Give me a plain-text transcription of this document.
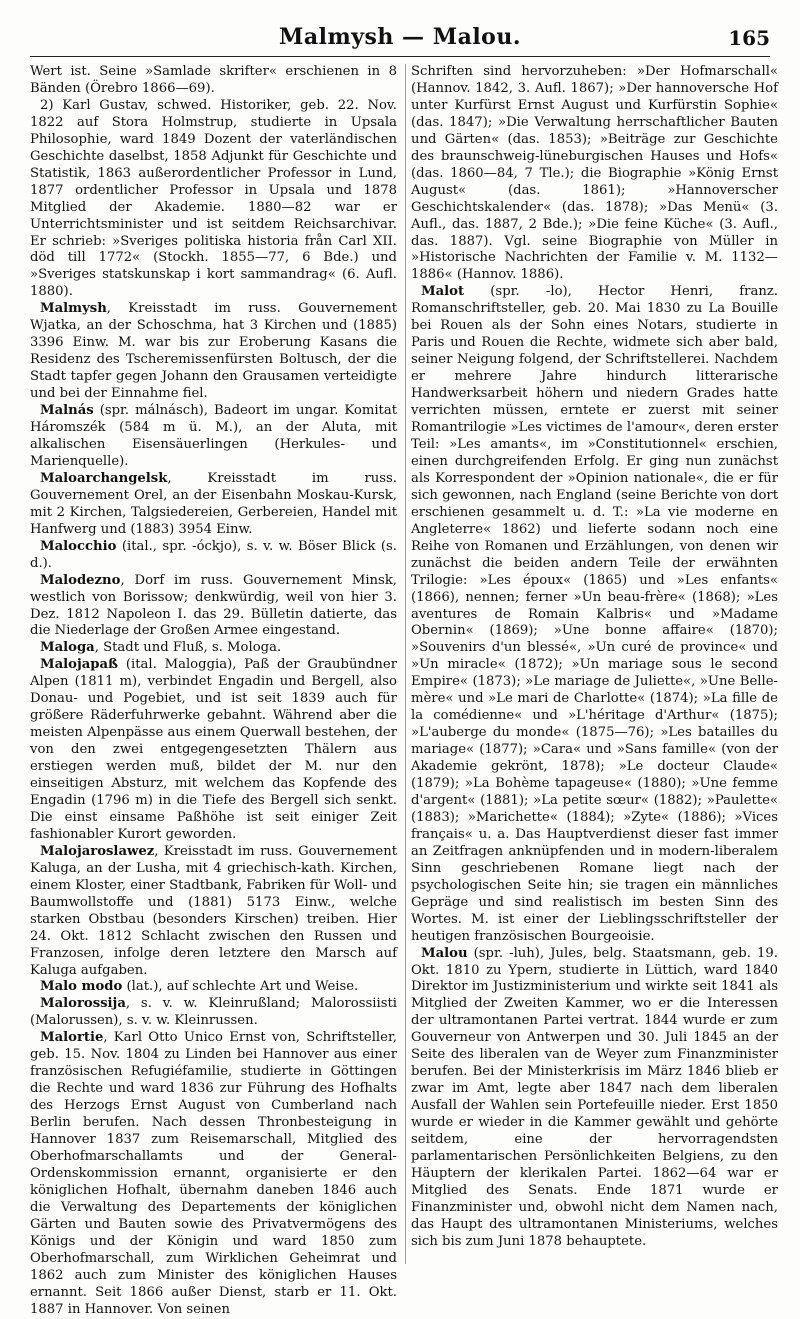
Malmysh — Malou.	165

Wert ist. Seine »Samlade skrifter« erschienen in 8 Bänden (Örebro 1866—69).

2) Karl Gustav, schwed. Historiker, geb. 22. Nov. 1822 auf Stora Holmstrup, studierte in Upsala Philosophie, ward 1849 Dozent der vaterländischen Geschichte daselbst, 1858 Adjunkt für Geschichte und Statistik, 1863 außerordentlicher Professor in Lund, 1877 ordentlicher Professor in Upsala und 1878 Mitglied der Akademie. 1880—82 war er Unterrichtsminister und ist seitdem Reichsarchivar. Er schrieb: »Sveriges politiska historia från Carl XII. död till 1772« (Stockh. 1855—77, 6 Bde.) und »Sveriges statskunskap i kort sammandrag« (6. Aufl. 1880).

Malmysh, Kreisstadt im russ. Gouvernement Wjatka, an der Schoschma, hat 3 Kirchen und (1885) 3396 Einw. M. war bis zur Eroberung Kasans die Residenz des Tscheremissenfürsten Boltusch, der die Stadt tapfer gegen Johann den Grausamen verteidigte und bei der Einnahme fiel.

Malnás (spr. málnásch), Badeort im ungar. Komitat Háromszék (584 m ü. M.), an der Aluta, mit alkalischen Eisensäuerlingen (Herkules- und Marienquelle).

Maloarchangelsk, Kreisstadt im russ. Gouvernement Orel, an der Eisenbahn Moskau-Kursk, mit 2 Kirchen, Talgsiedereien, Gerbereien, Handel mit Hanfwerg und (1883) 3954 Einw.

Malocchio (ital., spr. -óckjo), s. v. w. Böser Blick (s. d.).

Malodezno, Dorf im russ. Gouvernement Minsk, westlich von Borissow; denkwürdig, weil von hier 3. Dez. 1812 Napoleon I. das 29. Bülletin datierte, das die Niederlage der Großen Armee eingestand.

Maloga, Stadt und Fluß, s. Mologa.

Malojapaß (ital. Maloggia), Paß der Graubündner Alpen (1811 m), verbindet Engadin und Bergell, also Donau- und Pogebiet, und ist seit 1839 auch für größere Räderfuhrwerke gebahnt. Während aber die meisten Alpenpässe aus einem Querwall bestehen, der von den zwei entgegengesetzten Thälern aus erstiegen werden muß, bildet der M. nur den einseitigen Absturz, mit welchem das Kopfende des Engadin (1796 m) in die Tiefe des Bergell sich senkt. Die einst einsame Paßhöhe ist seit einiger Zeit fashionabler Kurort geworden.

Malojaroslawez, Kreisstadt im russ. Gouvernement Kaluga, an der Lusha, mit 4 griechisch-kath. Kirchen, einem Kloster, einer Stadtbank, Fabriken für Woll- und Baumwollstoffe und (1881) 5173 Einw., welche starken Obstbau (besonders Kirschen) treiben. Hier 24. Okt. 1812 Schlacht zwischen den Russen und Franzosen, infolge deren letztere den Marsch auf Kaluga aufgaben.

Malo modo (lat.), auf schlechte Art und Weise.

Malorossija, s. v. w. Kleinrußland; Malorossiisti (Malorussen), s. v. w. Kleinrussen.

Malortie, Karl Otto Unico Ernst von, Schriftsteller, geb. 15. Nov. 1804 zu Linden bei Hannover aus einer französischen Refugiéfamilie, studierte in Göttingen die Rechte und ward 1836 zur Führung des Hofhalts des Herzogs Ernst August von Cumberland nach Berlin berufen. Nach dessen Thronbesteigung in Hannover 1837 zum Reisemarschall, Mitglied des Oberhofmarschallamts und der General-Ordenskommission ernannt, organisierte er den königlichen Hofhalt, übernahm daneben 1846 auch die Verwaltung des Departements der königlichen Gärten und Bauten sowie des Privatvermögens des Königs und der Königin und ward 1850 zum Oberhofmarschall, zum Wirklichen Geheimrat und 1862 auch zum Minister des königlichen Hauses ernannt. Seit 1866 außer Dienst, starb er 11. Okt. 1887 in Hannover. Von seinen

Schriften sind hervorzuheben: »Der Hofmarschall« (Hannov. 1842, 3. Aufl. 1867); »Der hannoversche Hof unter Kurfürst Ernst August und Kurfürstin Sophie« (das. 1847); »Die Verwaltung herrschaftlicher Bauten und Gärten« (das. 1853); »Beiträge zur Geschichte des braunschweig-lüneburgischen Hauses und Hofs« (das. 1860—84, 7 Tle.); die Biographie »König Ernst August« (das. 1861); »Hannoverscher Geschichtskalender« (das. 1878); »Das Menü« (3. Aufl., das. 1887, 2 Bde.); »Die feine Küche« (3. Aufl., das. 1887). Vgl. seine Biographie von Müller in »Historische Nachrichten der Familie v. M. 1132—1886« (Hannov. 1886).

Malot (spr. -lo), Hector Henri, franz. Romanschriftsteller, geb. 20. Mai 1830 zu La Bouille bei Rouen als der Sohn eines Notars, studierte in Paris und Rouen die Rechte, widmete sich aber bald, seiner Neigung folgend, der Schriftstellerei. Nachdem er mehrere Jahre hindurch litterarische Handwerksarbeit höhern und niedern Grades hatte verrichten müssen, erntete er zuerst mit seiner Romantrilogie »Les victimes de l'amour«, deren erster Teil: »Les amants«, im »Constitutionnel« erschien, einen durchgreifenden Erfolg. Er ging nun zunächst als Korrespondent der »Opinion nationale«, die er für sich gewonnen, nach England (seine Berichte von dort erschienen gesammelt u. d. T.: »La vie moderne en Angleterre« 1862) und lieferte sodann noch eine Reihe von Romanen und Erzählungen, von denen wir zunächst die beiden andern Teile der erwähnten Trilogie: »Les époux« (1865) und »Les enfants« (1866), nennen; ferner »Un beau-frère« (1868); »Les aventures de Romain Kalbris« und »Madame Obernin« (1869); »Une bonne affaire« (1870); »Souvenirs d'un blessé«, »Un curé de province« und »Un miracle« (1872); »Un mariage sous le second Empire« (1873); »Le mariage de Juliette«, »Une Belle-mère« und »Le mari de Charlotte« (1874); »La fille de la comédienne« und »L'héritage d'Arthur« (1875); »L'auberge du monde« (1875—76); »Les batailles du mariage« (1877); »Cara« und »Sans famille« (von der Akademie gekrönt, 1878); »Le docteur Claude« (1879); »La Bohème tapageuse« (1880); »Une femme d'argent« (1881); »La petite sœur« (1882); »Paulette« (1883); »Marichette« (1884); »Zyte« (1886); »Vices français« u. a. Das Hauptverdienst dieser fast immer an Zeitfragen anknüpfenden und in modern-liberalem Sinn geschriebenen Romane liegt nach der psychologischen Seite hin; sie tragen ein männliches Gepräge und sind realistisch im besten Sinn des Wortes. M. ist einer der Lieblingsschriftsteller der heutigen französischen Bourgeoisie.

Malou (spr. -luh), Jules, belg. Staatsmann, geb. 19. Okt. 1810 zu Ypern, studierte in Lüttich, ward 1840 Direktor im Justizministerium und wirkte seit 1841 als Mitglied der Zweiten Kammer, wo er die Interessen der ultramontanen Partei vertrat. 1844 wurde er zum Gouverneur von Antwerpen und 30. Juli 1845 an der Seite des liberalen van de Weyer zum Finanzminister berufen. Bei der Ministerkrisis im März 1846 blieb er zwar im Amt, legte aber 1847 nach dem liberalen Ausfall der Wahlen sein Portefeuille nieder. Erst 1850 wurde er wieder in die Kammer gewählt und gehörte seitdem, eine der hervorragendsten parlamentarischen Persönlichkeiten Belgiens, zu den Häuptern der klerikalen Partei. 1862—64 war er Mitglied des Senats. Ende 1871 wurde er Finanzminister und, obwohl nicht dem Namen nach, das Haupt des ultramontanen Ministeriums, welches sich bis zum Juni 1878 behauptete.
